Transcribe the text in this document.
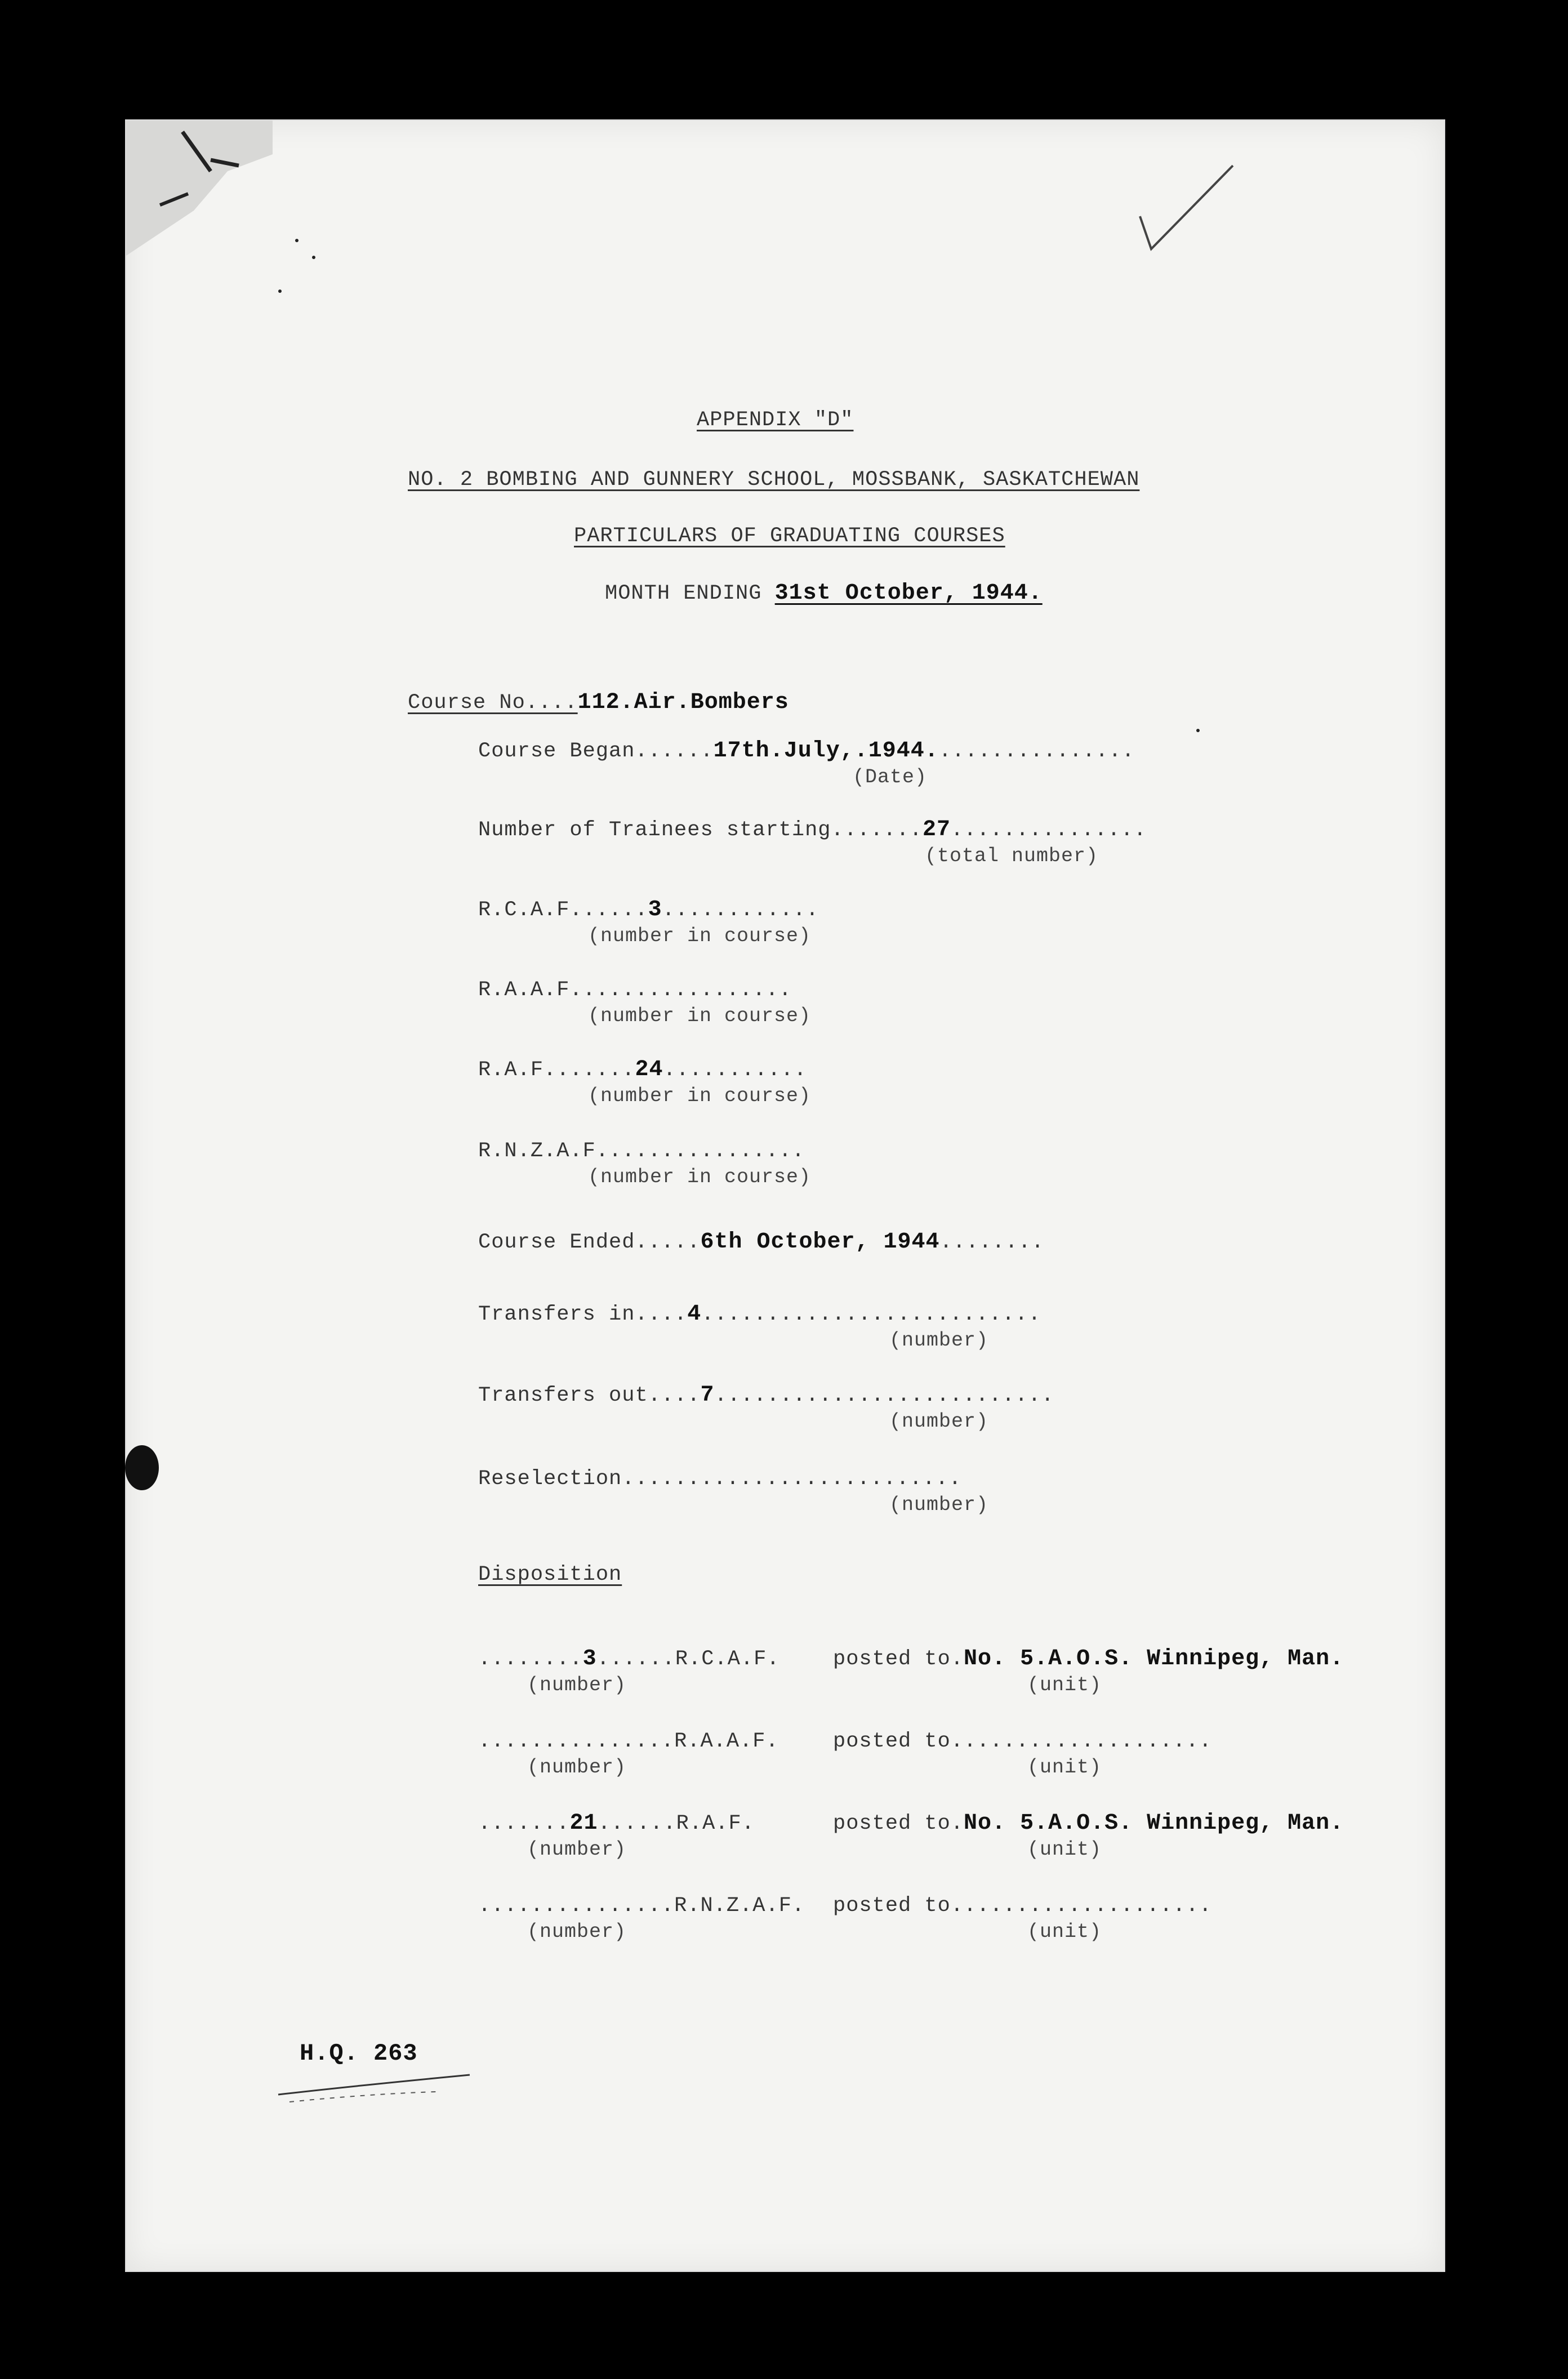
APPENDIX "D"
NO. 2 BOMBING AND GUNNERY SCHOOL, MOSSBANK, SASKATCHEWAN
PARTICULARS OF GRADUATING COURSES
MONTH ENDING 31st October, 1944.
Course No....112.Air.Bombers
Course Began......17th.July,.1944................
(Date)
Number of Trainees starting.......27...............
(total number)
R.C.A.F......3............
(number in course)
R.A.A.F.................
(number in course)
R.A.F.......24...........
(number in course)
R.N.Z.A.F................
(number in course)
Course Ended.....6th October, 1944........
Transfers in....4..........................
(number)
Transfers out....7..........................
(number)
Reselection..........................
(number)
Disposition
........3......R.C.A.F.	posted to.No. 5.A.O.S. Winnipeg, Man.
(number)	(unit)
...............R.A.A.F.	posted to....................
(number)	(unit)
.......21......R.A.F.	posted to.No. 5.A.O.S. Winnipeg, Man.
(number)	(unit)
...............R.N.Z.A.F. posted to....................
(number)	(unit)
H.Q. 263
